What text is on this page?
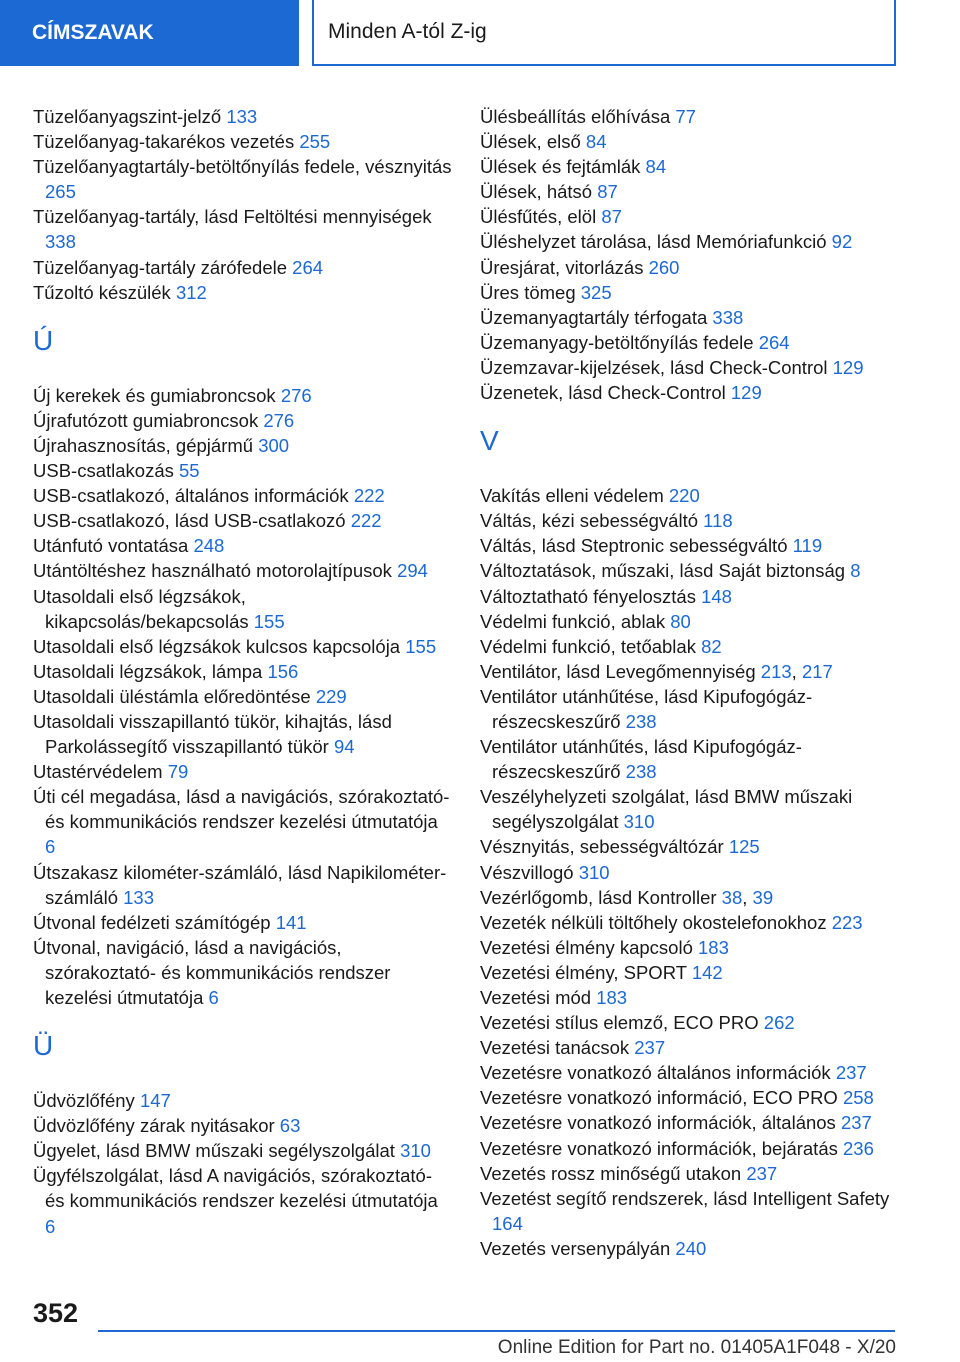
CÍMSZAVAK	Minden A-tól Z-ig
Tüzelőanyagszint-jelző 133
Tüzelőanyag-takarékos vezetés 255
Tüzelőanyagtartály-betöltőnyílás fedele, vésznyitás 265
Tüzelőanyag-tartály, lásd Feltöltési mennyiségek 338
Tüzelőanyag-tartály zárófedele 264
Tűzoltó készülék 312
Ú
Új kerekek és gumiabroncsok 276
Újrafutózott gumiabroncsok 276
Újrahasznosítás, gépjármű 300
USB-csatlakozás 55
USB-csatlakozó, általános információk 222
USB-csatlakozó, lásd USB-csatlakozó 222
Utánfutó vontatása 248
Utántöltéshez használható motorolajtípusok 294
Utasoldali első légzsákok, kikapcsolás/bekapcsolás 155
Utasoldali első légzsákok kulcsos kapcsolója 155
Utasoldali légzsákok, lámpa 156
Utasoldali üléstámla előredöntése 229
Utasoldali visszapillantó tükör, kihajtás, lásd Parkolássegítő visszapillantó tükör 94
Utastérvédelem 79
Úti cél megadása, lásd a navigációs, szórakoztató- és kommunikációs rendszer kezelési útmutatója 6
Útszakasz kilométer-számláló, lásd Napikilométer-számláló 133
Útvonal fedélzeti számítógép 141
Útvonal, navigáció, lásd a navigációs, szórakoztató- és kommunikációs rendszer kezelési útmutatója 6
Ü
Üdvözlőfény 147
Üdvözlőfény zárak nyitásakor 63
Ügyelet, lásd BMW műszaki segélyszolgálat 310
Ügyfélszolgálat, lásd A navigációs, szórakoztató- és kommunikációs rendszer kezelési útmutatója 6
Ülésbeállítás előhívása 77
Ülések, első 84
Ülések és fejtámlák 84
Ülések, hátsó 87
Ülésfűtés, elöl 87
Üléshelyzet tárolása, lásd Memóriafunkció 92
Üresjárat, vitorlázás 260
Üres tömeg 325
Üzemanyagtartály térfogata 338
Üzemanyagy-betöltőnyílás fedele 264
Üzemzavar-kijelzések, lásd Check-Control 129
Üzenetek, lásd Check-Control 129
V
Vakítás elleni védelem 220
Váltás, kézi sebességváltó 118
Váltás, lásd Steptronic sebességváltó 119
Változtatások, műszaki, lásd Saját biztonság 8
Változtatható fényelosztás 148
Védelmi funkció, ablak 80
Védelmi funkció, tetőablak 82
Ventilátor, lásd Levegőmennyiség 213, 217
Ventilátor utánhűtése, lásd Kipufogógáz-részecskeszűrő 238
Ventilátor utánhűtés, lásd Kipufogógáz-részecskeszűrő 238
Veszélyhelyzeti szolgálat, lásd BMW műszaki segélyszolgálat 310
Vésznyitás, sebességváltózár 125
Vészvillogó 310
Vezérlőgomb, lásd Kontroller 38, 39
Vezeték nélküli töltőhely okostelefonokhoz 223
Vezetési élmény kapcsoló 183
Vezetési élmény, SPORT 142
Vezetési mód 183
Vezetési stílus elemző, ECO PRO 262
Vezetési tanácsok 237
Vezetésre vonatkozó általános információk 237
Vezetésre vonatkozó információ, ECO PRO 258
Vezetésre vonatkozó információk, általános 237
Vezetésre vonatkozó információk, bejáratás 236
Vezetés rossz minőségű utakon 237
Vezetést segítő rendszerek, lásd Intelligent Safety 164
Vezetés versenypályán 240
352
Online Edition for Part no. 01405A1F048 - X/20
